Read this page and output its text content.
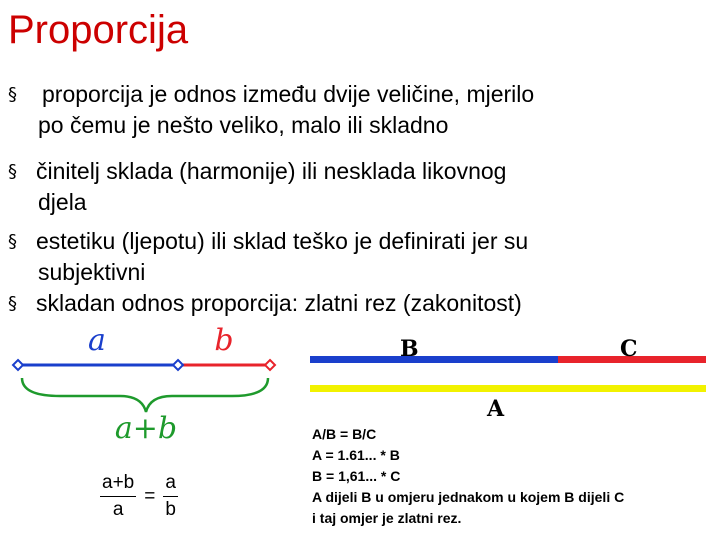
Proporcija
§	proporcija je odnos između dvije veličine, mjerilo
po čemu je nešto veliko, malo ili skladno
§ činitelj sklada (harmonije) ili nesklada likovnog
djela
§ estetiku (ljepotu) ili sklad teško je definirati jer su
subjektivni
§ skladan odnos proporcija: zlatni rez (zakonitost)
a	b
a+b
B	C
A
$\frac{a+b}{a} = \frac{a}{b}$
A/B = B/C
A = 1.61... * B
B = 1,61... * C
A dijeli B u omjeru jednakom u kojem B dijeli C
i taj omjer je zlatni rez.
